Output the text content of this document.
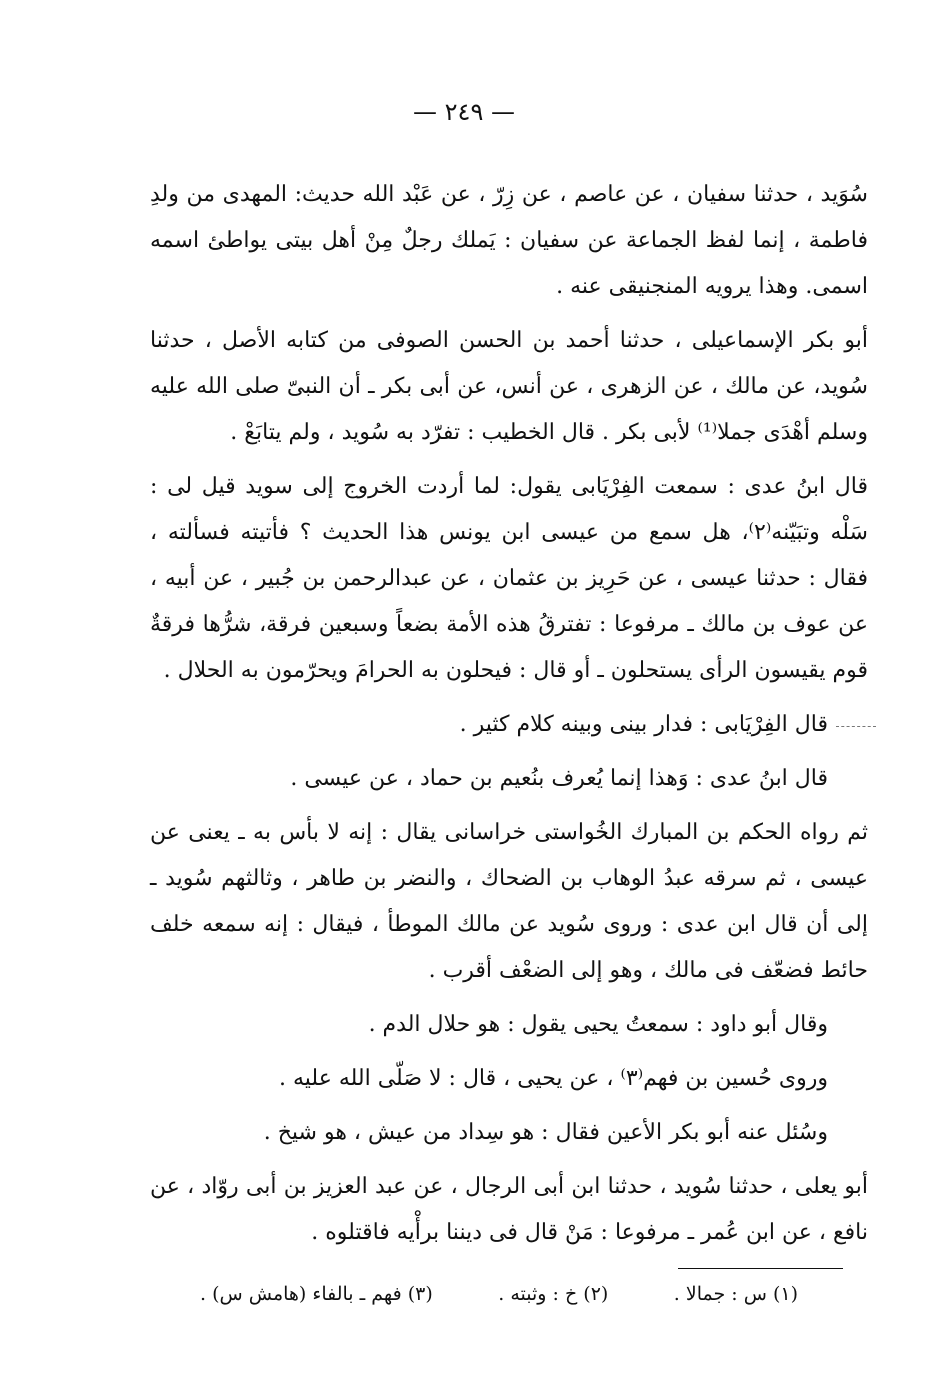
— ٢٤٩ —

سُوَيد ، حدثنا سفيان ، عن عاصم ، عن زِرّ ، عن عَبْد الله حديث: المهدى من ولدِ فاطمة ، إنما لفظ الجماعة عن سفيان : يَملك رجلٌ مِنْ أهل بيتى يواطئ اسمه اسمى. وهذا يرويه المنجنيقى عنه .

أبو بكر الإسماعيلى ، حدثنا أحمد بن الحسن الصوفى من كتابه الأصل ، حدثنا سُويد، عن مالك ، عن الزهرى ، عن أنس، عن أبى بكر ـ أن النبىّ صلى الله عليه وسلم أهْدَى جملا⁽¹⁾ لأبى بكر . قال الخطيب : تفرّد به سُويد ، ولم يتابَعْ .

قال ابنُ عدى : سمعت الفِرْيَابى يقول: لما أردت الخروج إلى سويد قيل لى : سَلْه وتبَيّنه⁽٢⁾، هل سمع من عيسى ابن يونس هذا الحديث ؟ فأتيته فسألته ، فقال : حدثنا عيسى ، عن حَرِيز بن عثمان ، عن عبدالرحمن بن جُبير ، عن أبيه ، عن عوف بن مالك ـ مرفوعا : تفترقُ هذه الأمة بضعاً وسبعين فرقة، شرُّها فرقةٌ قوم يقيسون الرأى يستحلون ـ أو قال : فيحلون به الحرامَ ويحرّمون به الحلال .

قال الفِرْيَابى : فدار بينى وبينه كلام كثير .

قال ابنُ عدى : وَهذا إنما يُعرف بنُعيم بن حماد ، عن عيسى .

ثم رواه الحكم بن المبارك الخُواستى خراسانى يقال : إنه لا بأس به ـ يعنى عن عيسى ، ثم سرقه عبدُ الوهاب بن الضحاك ، والنضر بن طاهر ، وثالثهم سُويد ـ إلى أن قال ابن عدى : وروى سُويد عن مالك الموطأ ، فيقال : إنه سمعه خلف حائط فضعّف فى مالك ، وهو إلى الضعْف أقرب .

وقال أبو داود : سمعتُ يحيى يقول : هو حلال الدم .

وروى حُسين بن فهم⁽٣⁾ ، عن يحيى ، قال : لا صَلّى الله عليه .

وسُئل عنه أبو بكر الأعين فقال : هو سِداد من عيش ، هو شيخ .

أبو يعلى ، حدثنا سُويد ، حدثنا ابن أبى الرجال ، عن عبد العزيز بن أبى روّاد ، عن نافع ، عن ابن عُمر ـ مرفوعا : مَنْ قال فى ديننا برأْيه فاقتلوه .

(١) س : جمالا .
(٢) خ : وثبته .
(٣) فهم ـ بالفاء (هامش س) .
